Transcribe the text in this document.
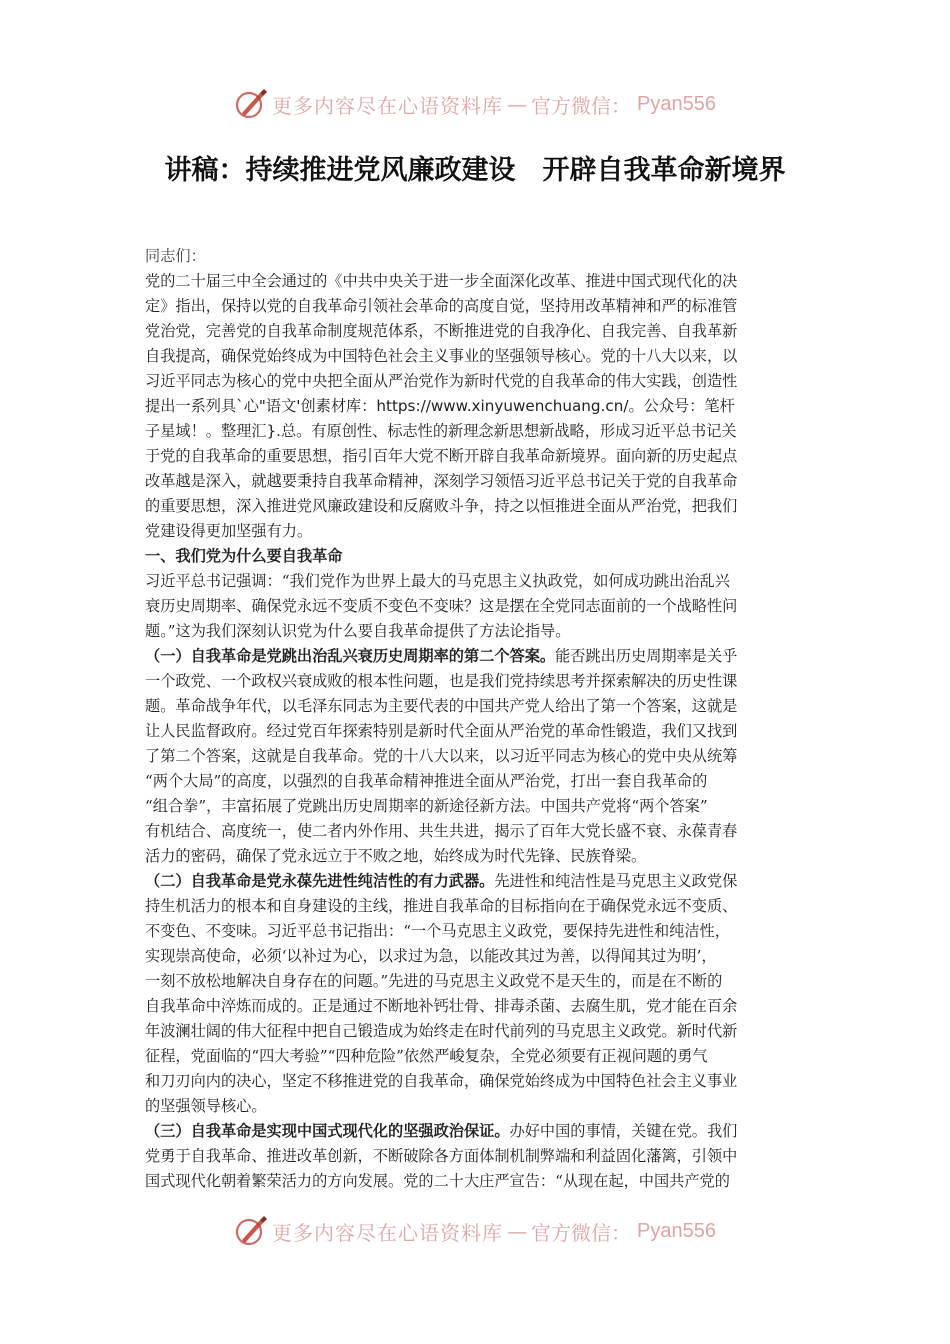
更多内容尽在心语资料库 — 官方微信： Pyan556
讲稿：持续推进党风廉政建设　开辟自我革命新境界
同志们：
党的二十届三中全会通过的《中共中央关于进一步全面深化改革、推进中国式现代化的决
定》指出，保持以党的自我革命引领社会革命的高度自觉，坚持用改革精神和严的标准管
党治党，完善党的自我革命制度规范体系，不断推进党的自我净化、自我完善、自我革新
自我提高，确保党始终成为中国特色社会主义事业的坚强领导核心。党的十八大以来，以
习近平同志为核心的党中央把全面从严治党作为新时代党的自我革命的伟大实践，创造性
提出一系列具`心"语文'创素材库：https://www.xinyuwenchuang.cn/。公众号：笔杆
子星域！。整理汇}.总。有原创性、标志性的新理念新思想新战略，形成习近平总书记关
于党的自我革命的重要思想，指引百年大党不断开辟自我革命新境界。面向新的历史起点
改革越是深入，就越要秉持自我革命精神，深刻学习领悟习近平总书记关于党的自我革命
的重要思想，深入推进党风廉政建设和反腐败斗争，持之以恒推进全面从严治党，把我们
党建设得更加坚强有力。
一、我们党为什么要自我革命
习近平总书记强调：“我们党作为世界上最大的马克思主义执政党，如何成功跳出治乱兴
衰历史周期率、确保党永远不变质不变色不变味？这是摆在全党同志面前的一个战略性问
题。”这为我们深刻认识党为什么要自我革命提供了方法论指导。
（一）自我革命是党跳出治乱兴衰历史周期率的第二个答案。能否跳出历史周期率是关乎
一个政党、一个政权兴衰成败的根本性问题，也是我们党持续思考并探索解决的历史性课
题。革命战争年代，以毛泽东同志为主要代表的中国共产党人给出了第一个答案，这就是
让人民监督政府。经过党百年探索特别是新时代全面从严治党的革命性锻造，我们又找到
了第二个答案，这就是自我革命。党的十八大以来，以习近平同志为核心的党中央从统筹
“两个大局”的高度，以强烈的自我革命精神推进全面从严治党，打出一套自我革命的
“组合拳”，丰富拓展了党跳出历史周期率的新途径新方法。中国共产党将“两个答案”
有机结合、高度统一，使二者内外作用、共生共进，揭示了百年大党长盛不衰、永葆青春
活力的密码，确保了党永远立于不败之地，始终成为时代先锋、民族脊梁。
（二）自我革命是党永葆先进性纯洁性的有力武器。先进性和纯洁性是马克思主义政党保
持生机活力的根本和自身建设的主线，推进自我革命的目标指向在于确保党永远不变质、
不变色、不变味。习近平总书记指出：“一个马克思主义政党，要保持先进性和纯洁性，
实现崇高使命，必须‘以补过为心，以求过为急，以能改其过为善，以得闻其过为明’，
一刻不放松地解决自身存在的问题。”先进的马克思主义政党不是天生的，而是在不断的
自我革命中淬炼而成的。正是通过不断地补钙壮骨、排毒杀菌、去腐生肌，党才能在百余
年波澜壮阔的伟大征程中把自己锻造成为始终走在时代前列的马克思主义政党。新时代新
征程，党面临的“四大考验”“四种危险”依然严峻复杂，全党必须要有正视问题的勇气
和刀刃向内的决心，坚定不移推进党的自我革命，确保党始终成为中国特色社会主义事业
的坚强领导核心。
（三）自我革命是实现中国式现代化的坚强政治保证。办好中国的事情，关键在党。我们
党勇于自我革命、推进改革创新，不断破除各方面体制机制弊端和利益固化藩篱，引领中
国式现代化朝着繁荣活力的方向发展。党的二十大庄严宣告：“从现在起，中国共产党的
更多内容尽在心语资料库 — 官方微信： Pyan556
